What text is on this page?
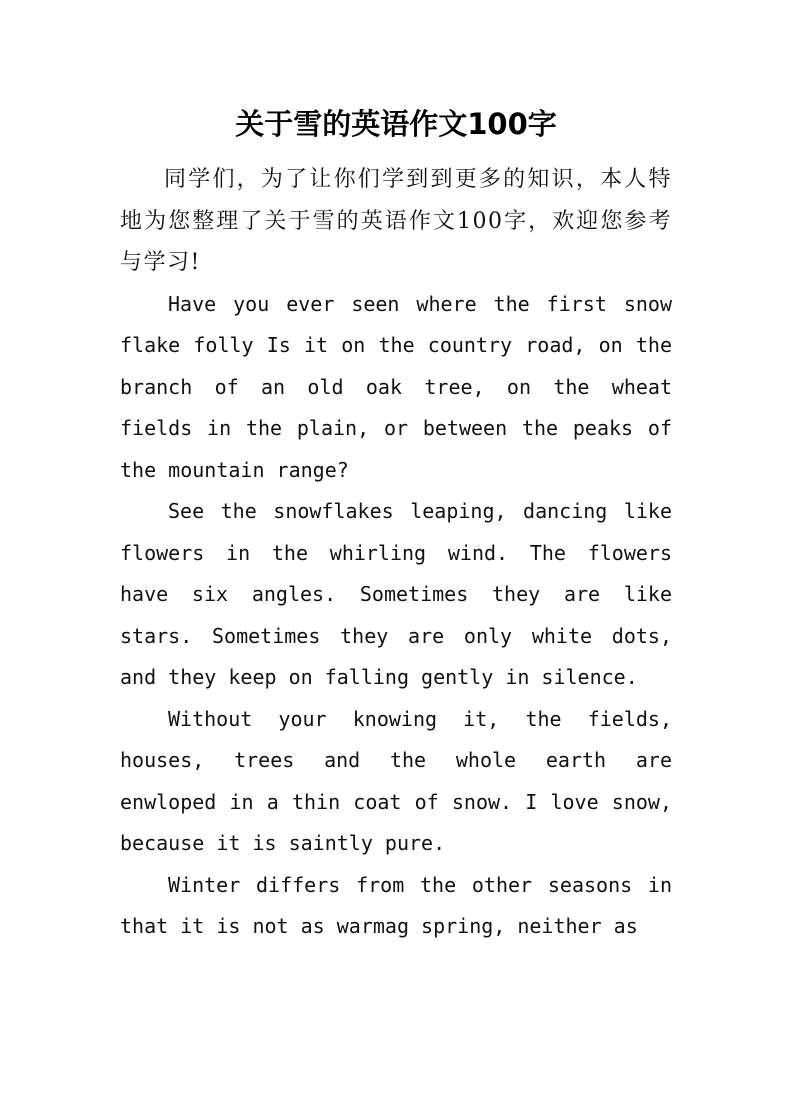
关于雪的英语作文100字

同学们，为了让你们学到到更多的知识，本人特地为您整理了关于雪的英语作文100字，欢迎您参考与学习!

Have you ever seen where the first snow flake folly Is it on the country road, on the branch of an old oak tree, on the wheat fields in the plain, or between the peaks of the mountain range?

See the snowflakes leaping, dancing like flowers in the whirling wind. The flowers have six angles. Sometimes they are like stars. Sometimes they are only white dots, and they keep on falling gently in silence.

Without your knowing it, the fields, houses, trees and the whole earth are enwloped in a thin coat of snow. I love snow, because it is saintly pure.

Winter differs from the other seasons in that it is not as warmag spring, neither as
